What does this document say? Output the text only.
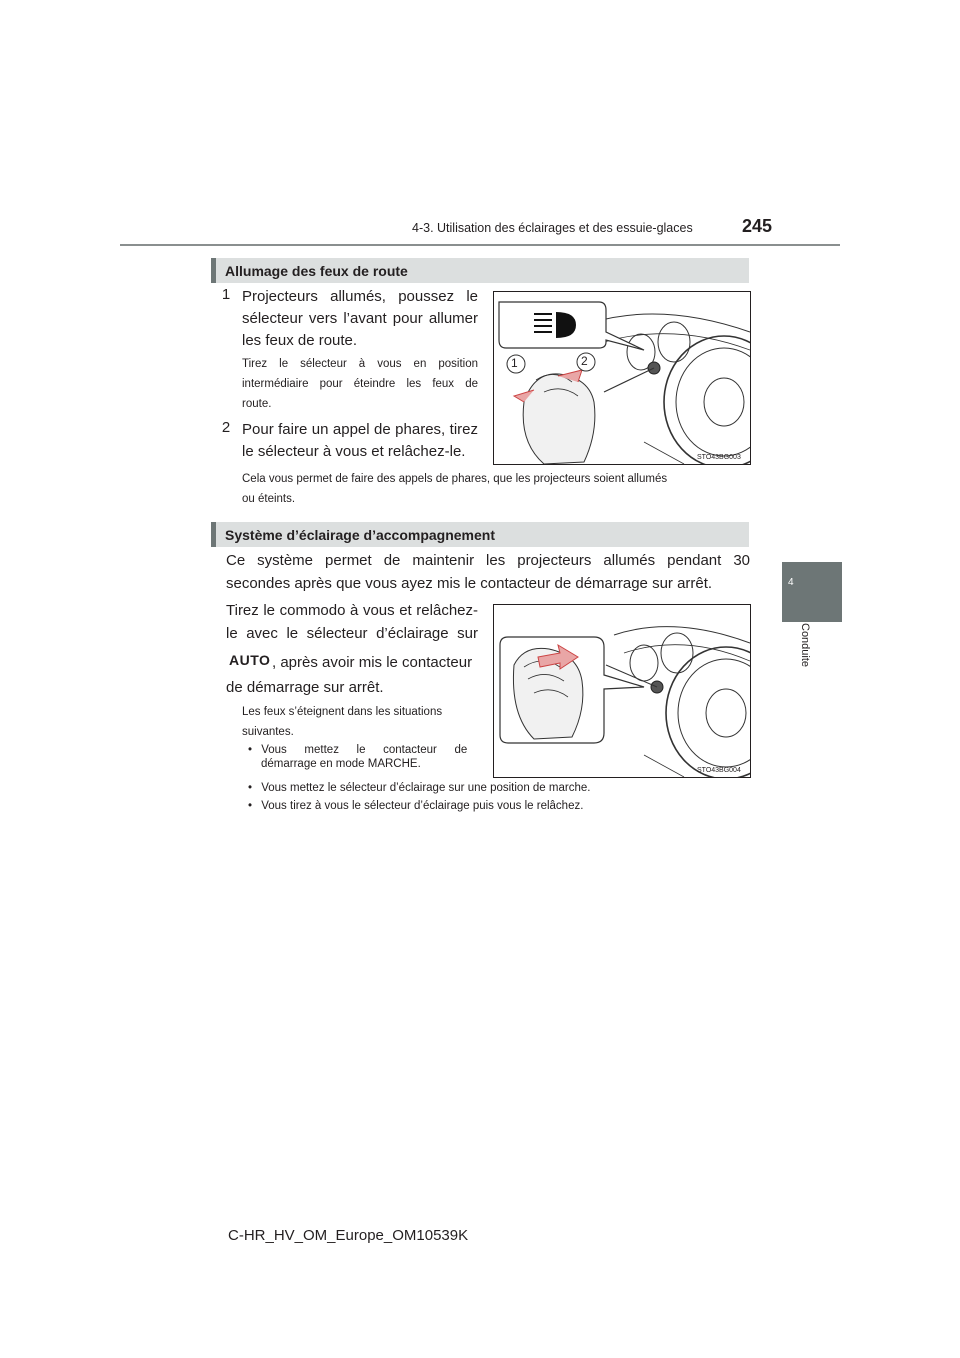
4-3. Utilisation des éclairages et des essuie-glaces	245
4
Conduite
Allumage des feux de route
1 Projecteurs allumés, poussez le
sélecteur vers l’avant pour allumer
les feux de route.
Tirez le sélecteur à vous en position
intermédiaire pour éteindre les feux de
route.
2 Pour faire un appel de phares, tirez
le sélecteur à vous et relâchez-le.
Cela vous permet de faire des appels de phares, que les projecteurs soient allumés
ou éteints.
1	2
STO43BG003
Système d’éclairage d’accompagnement
Ce système permet de maintenir les projecteurs allumés pendant 30
secondes après que vous ayez mis le contacteur de démarrage sur arrêt.
Tirez le commodo à vous et relâchez-
le avec le sélecteur d’éclairage sur
AUTO , après avoir mis le contacteur
de démarrage sur arrêt.
Les feux s’éteignent dans les situations
suivantes.
• Vous mettez le contacteur de
démarrage en mode MARCHE.
• Vous mettez le sélecteur d’éclairage sur une position de marche.
• Vous tirez à vous le sélecteur d’éclairage puis vous le relâchez.
STO43BG004
C-HR_HV_OM_Europe_OM10539K
